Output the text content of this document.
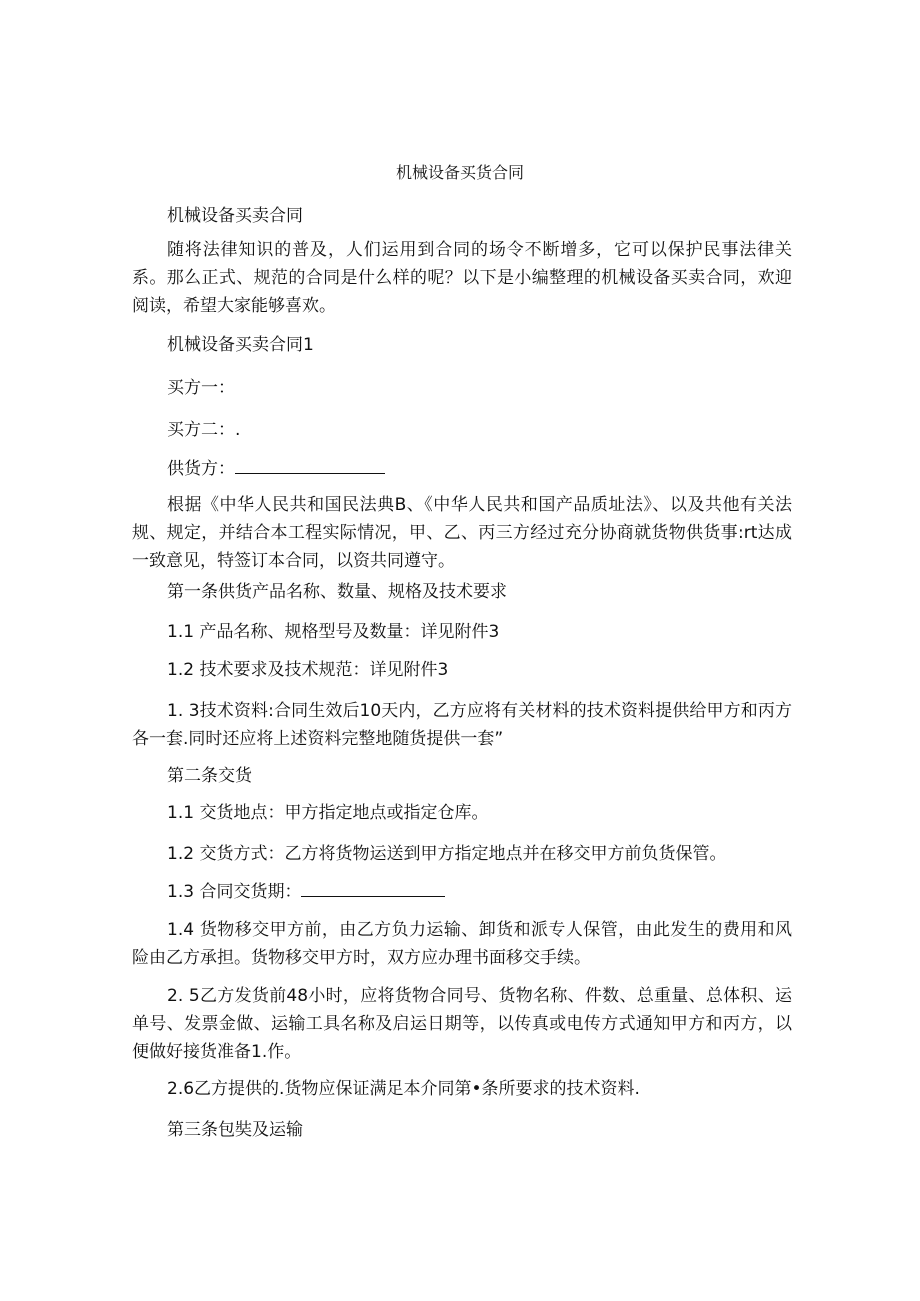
机械设备买货合同

机械设备买卖合同

随将法律知识的普及，人们运用到合同的场令不断增多，它可以保护民事法律关系。那么正式、规范的合同是什么样的呢？以下是小编整理的机械设备买卖合同，欢迎阅读，希望大家能够喜欢。

机械设备买卖合同1

买方一：

买方二：.

供货方：

根据《中华人民共和国民法典B、《中华人民共和国产品质址法》、以及共他有关法规、规定，并结合本工程实际情况，甲、乙、丙三方经过充分协商就货物供货事:rt达成一致意见，特签订本合同，以资共同遵守。

第一条供货产品名称、数量、规格及技术要求

1.1 产品名称、规格型号及数量：详见附件3

1.2 技术要求及技术规范：详见附件3

1. 3技术资料:合同生效后10天内，乙方应将有关材料的技术资料提供给甲方和丙方各一套.同时还应将上述资料完整地随货提供一套”

第二条交货

1.1 交货地点：甲方指定地点或指定仓库。

1.2 交货方式：乙方将货物运送到甲方指定地点并在移交甲方前负货保管。

1.3 合同交货期：

1.4 货物移交甲方前，由乙方负力运输、卸货和派专人保管，由此发生的费用和风险由乙方承担。货物移交甲方时，双方应办理书面移交手续。

2. 5乙方发货前48小时，应将货物合同号、货物名称、件数、总重量、总体积、运单号、发票金做、运输工具名称及启运日期等，以传真或电传方式通知甲方和丙方，以便做好接货准备1.作。

2.6乙方提供的.货物应保证满足本介同第•条所要求的技术资料.

第三条包奘及运输
